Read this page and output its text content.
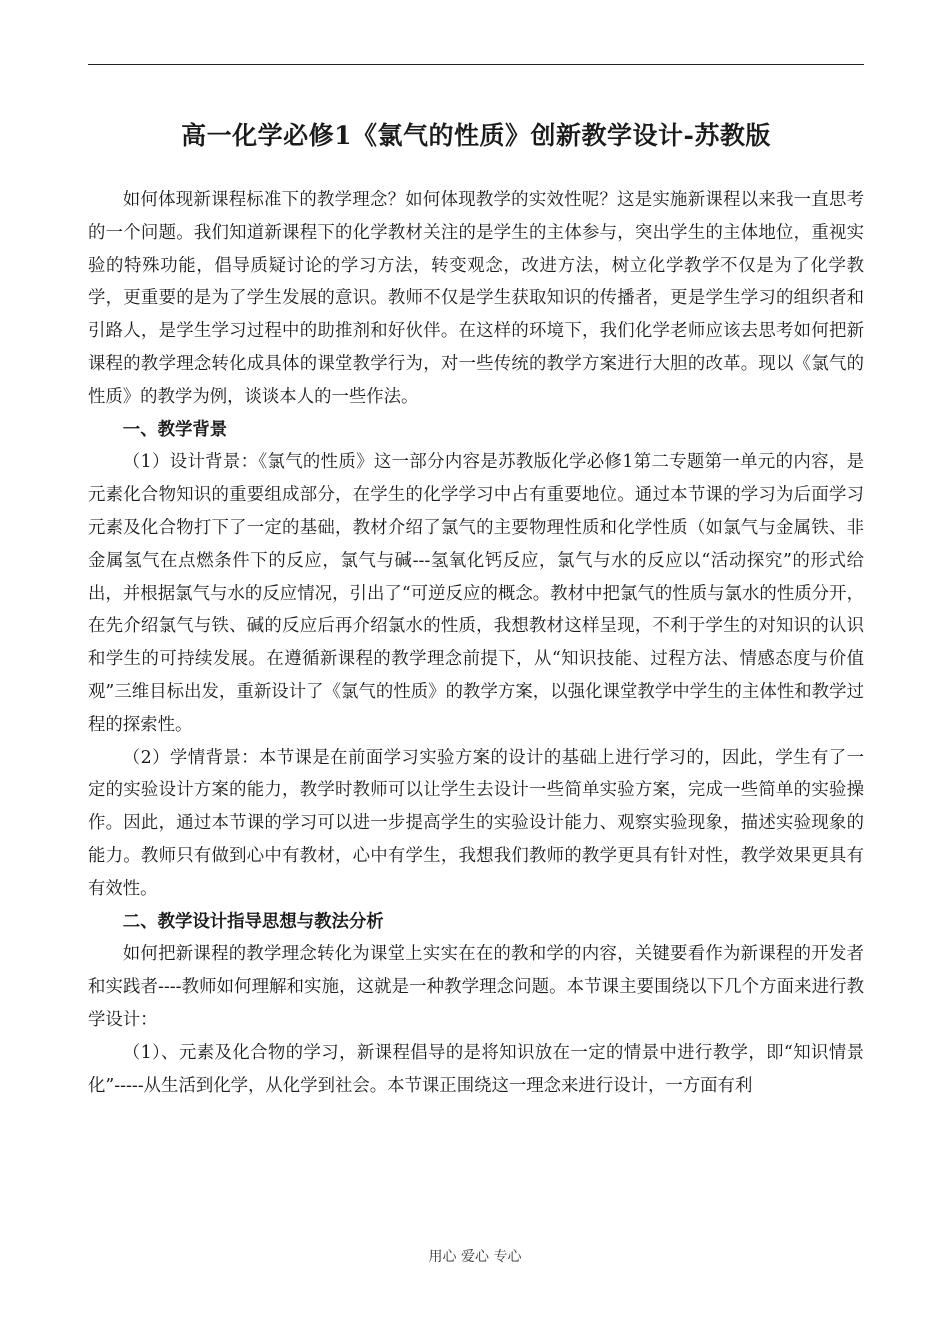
高一化学必修1《氯气的性质》创新教学设计-苏教版

如何体现新课程标准下的教学理念？如何体现教学的实效性呢？这是实施新课程以来我一直思考的一个问题。我们知道新课程下的化学教材关注的是学生的主体参与，突出学生的主体地位，重视实验的特殊功能，倡导质疑讨论的学习方法，转变观念，改进方法，树立化学教学不仅是为了化学教学，更重要的是为了学生发展的意识。教师不仅是学生获取知识的传播者，更是学生学习的组织者和引路人，是学生学习过程中的助推剂和好伙伴。在这样的环境下，我们化学老师应该去思考如何把新课程的教学理念转化成具体的课堂教学行为，对一些传统的教学方案进行大胆的改革。现以《氯气的性质》的教学为例，谈谈本人的一些作法。

一、教学背景

（1）设计背景：《氯气的性质》这一部分内容是苏教版化学必修1第二专题第一单元的内容，是元素化合物知识的重要组成部分，在学生的化学学习中占有重要地位。通过本节课的学习为后面学习元素及化合物打下了一定的基础，教材介绍了氯气的主要物理性质和化学性质（如氯气与金属铁、非金属氢气在点燃条件下的反应，氯气与碱---氢氧化钙反应，氯气与水的反应以“活动探究”的形式给出，并根据氯气与水的反应情况，引出了“可逆反应的概念。教材中把氯气的性质与氯水的性质分开，在先介绍氯气与铁、碱的反应后再介绍氯水的性质，我想教材这样呈现，不利于学生的对知识的认识和学生的可持续发展。在遵循新课程的教学理念前提下，从“知识技能、过程方法、情感态度与价值观”三维目标出发，重新设计了《氯气的性质》的教学方案，以强化课堂教学中学生的主体性和教学过程的探索性。

（2）学情背景：本节课是在前面学习实验方案的设计的基础上进行学习的，因此，学生有了一定的实验设计方案的能力，教学时教师可以让学生去设计一些简单实验方案，完成一些简单的实验操作。因此，通过本节课的学习可以进一步提高学生的实验设计能力、观察实验现象，描述实验现象的能力。教师只有做到心中有教材，心中有学生，我想我们教师的教学更具有针对性，教学效果更具有有效性。

二、教学设计指导思想与教法分析

如何把新课程的教学理念转化为课堂上实实在在的教和学的内容，关键要看作为新课程的开发者和实践者----教师如何理解和实施，这就是一种教学理念问题。本节课主要围绕以下几个方面来进行教学设计：

（1）、元素及化合物的学习，新课程倡导的是将知识放在一定的情景中进行教学，即“知识情景化”-----从生活到化学，从化学到社会。本节课正围绕这一理念来进行设计，一方面有利

用心 爱心 专心
